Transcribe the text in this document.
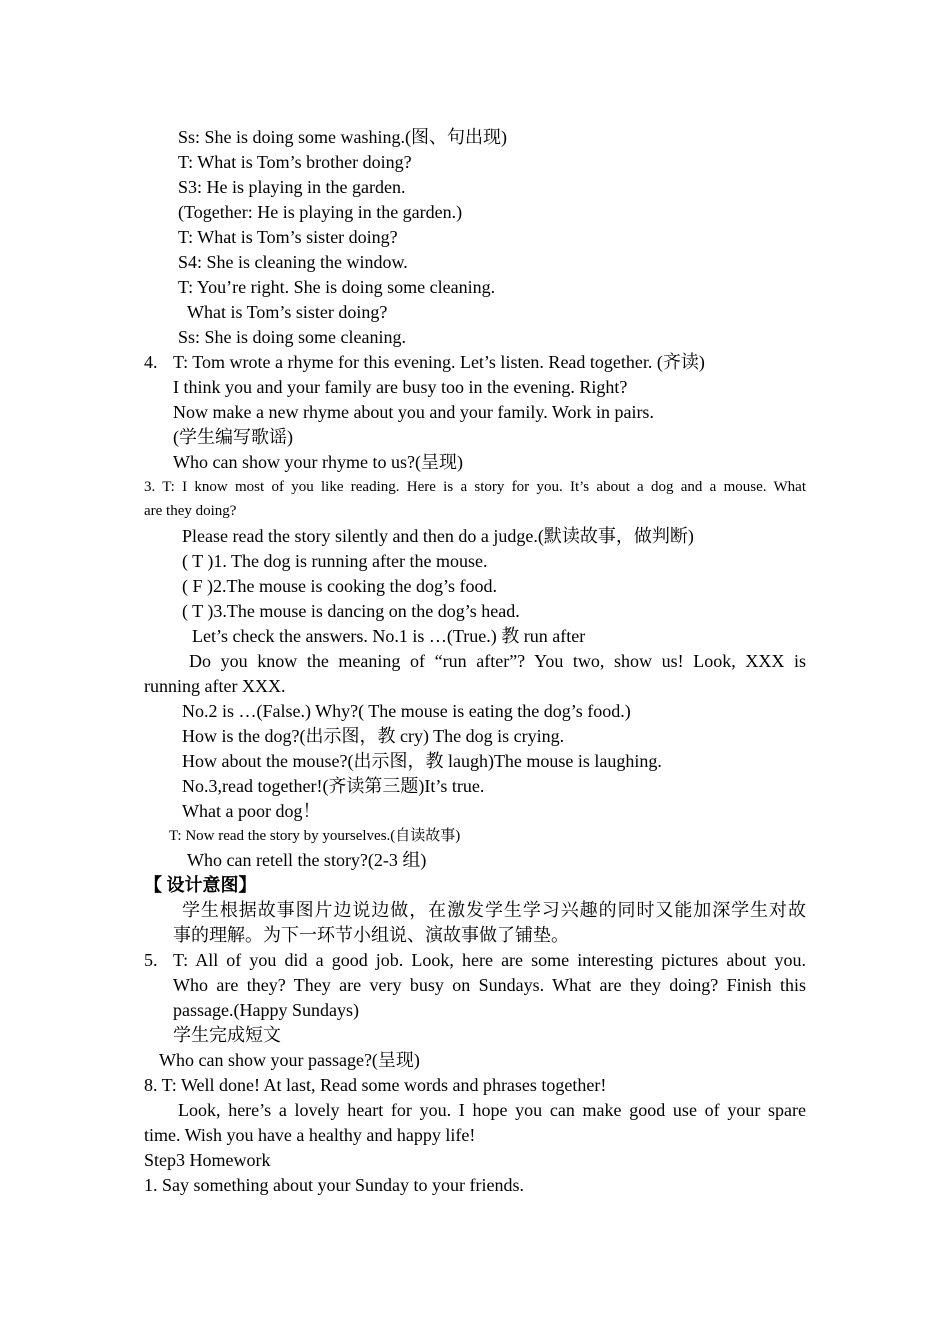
Ss: She is doing some washing.(图、句出现)
T: What is Tom’s brother doing?
S3: He is playing in the garden.
(Together: He is playing in the garden.)
T: What is Tom’s sister doing?
S4: She is cleaning the window.
T: You’re right. She is doing some cleaning.
What is Tom’s sister doing?
Ss: She is doing some cleaning.
4. T: Tom wrote a rhyme for this evening. Let’s listen. Read together. (齐读)
I think you and your family are busy too in the evening. Right?
Now make a new rhyme about you and your family. Work in pairs.
(学生编写歌谣)
Who can show your rhyme to us?(呈现)
3. T: I know most of you like reading. Here is a story for you. It’s about a dog and a mouse. What
are they doing?
Please read the story silently and then do a judge.(默读故事，做判断)
( T )1. The dog is running after the mouse.
( F )2.The mouse is cooking the dog’s food.
( T )3.The mouse is dancing on the dog’s head.
Let’s check the answers. No.1 is …(True.) 教 run after
Do you know the meaning of “run after”? You two, show us! Look, XXX is
running after XXX.
No.2 is …(False.) Why?( The mouse is eating the dog’s food.)
How is the dog?(出示图，教 cry) The dog is crying.
How about the mouse?(出示图，教 laugh)The mouse is laughing.
No.3,read together!(齐读第三题)It’s true.
What a poor dog！
T: Now read the story by yourselves.(自读故事)
Who can retell the story?(2-3 组)
【 设计意图】
学生根据故事图片边说边做，在激发学生学习兴趣的同时又能加深学生对故
事的理解。为下一环节小组说、演故事做了铺垫。
5. T: All of you did a good job. Look, here are some interesting pictures about you.
Who are they? They are very busy on Sundays. What are they doing? Finish this
passage.(Happy Sundays)
学生完成短文
Who can show your passage?(呈现)
8. T: Well done! At last, Read some words and phrases together!
Look, here’s a lovely heart for you. I hope you can make good use of your spare
time. Wish you have a healthy and happy life!
Step3 Homework
1. Say something about your Sunday to your friends.
